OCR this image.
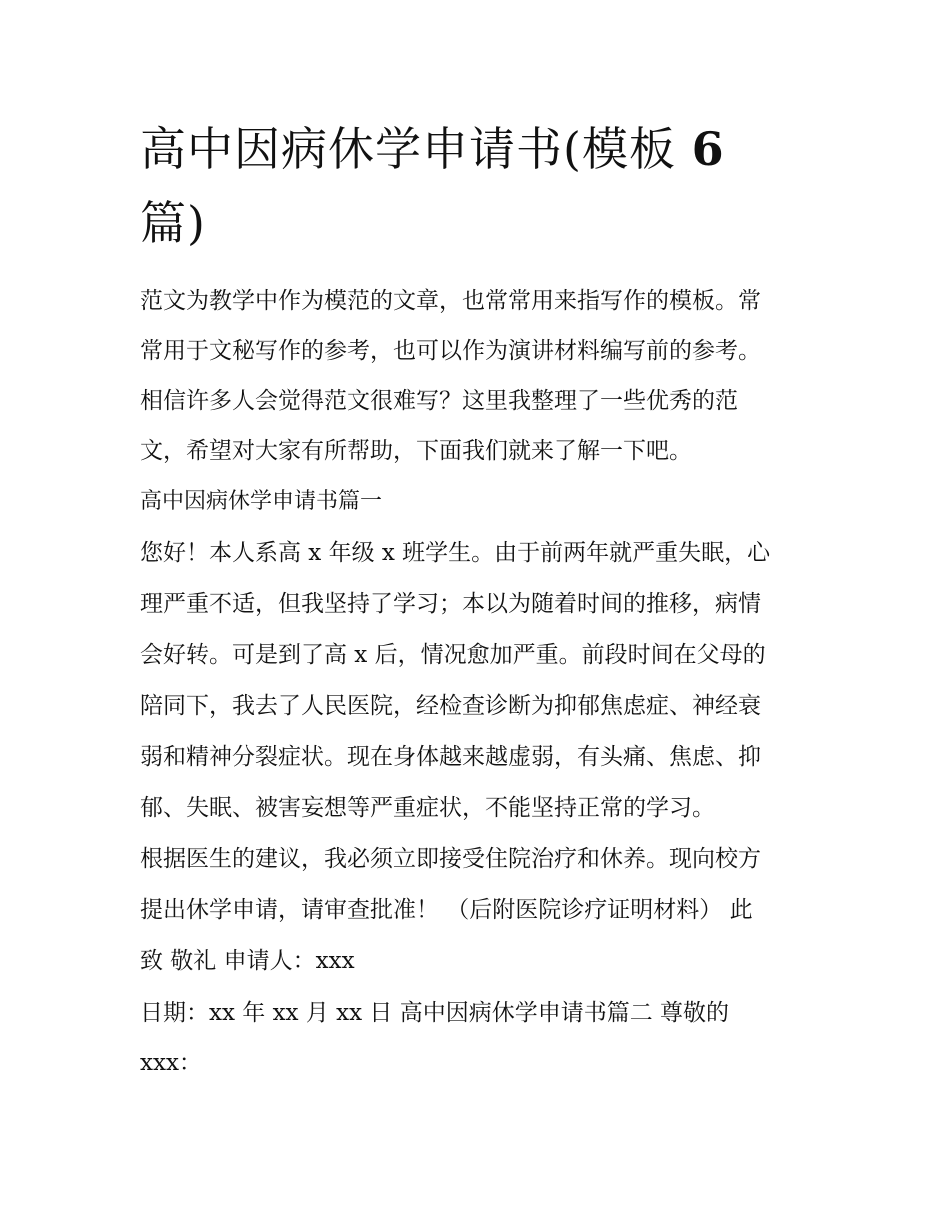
高中因病休学申请书(模板 6
篇)

范文为教学中作为模范的文章，也常常用来指写作的模板。常

常用于文秘写作的参考，也可以作为演讲材料编写前的参考。

相信许多人会觉得范文很难写？这里我整理了一些优秀的范

文，希望对大家有所帮助，下面我们就来了解一下吧。

高中因病休学申请书篇一

您好！本人系高 x 年级 x 班学生。由于前两年就严重失眠，心

理严重不适，但我坚持了学习；本以为随着时间的推移，病情

会好转。可是到了高 x 后，情况愈加严重。前段时间在父母的

陪同下，我去了人民医院，经检查诊断为抑郁焦虑症、神经衰

弱和精神分裂症状。现在身体越来越虚弱，有头痛、焦虑、抑

郁、失眠、被害妄想等严重症状，不能坚持正常的学习。

根据医生的建议，我必须立即接受住院治疗和休养。现向校方

提出休学申请，请审查批准！ （后附医院诊疗证明材料） 此

致 敬礼 申请人：xxx

日期：xx 年 xx 月 xx 日 高中因病休学申请书篇二 尊敬的

xxx：
